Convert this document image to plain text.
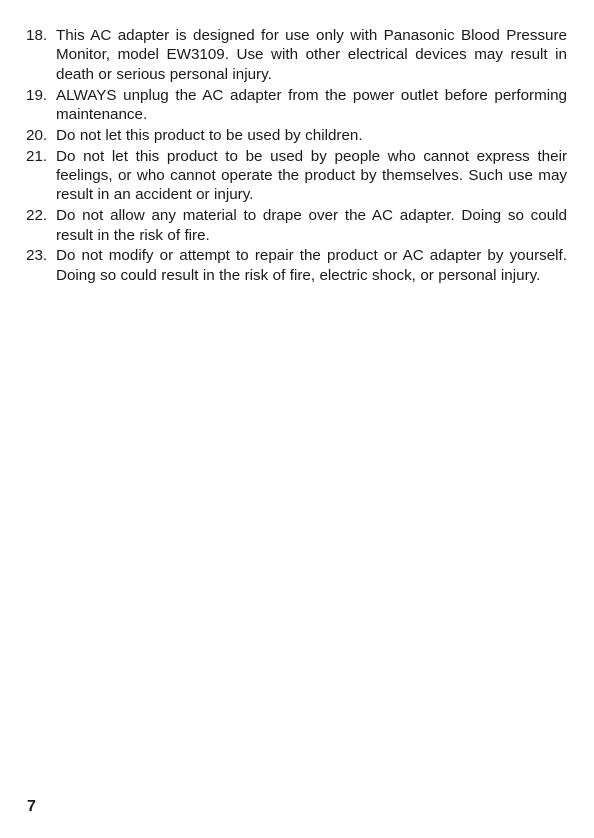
18. This AC adapter is designed for use only with Panasonic Blood Pressure Monitor, model EW3109. Use with other electrical devices may result in death or serious personal injury.
19. ALWAYS unplug the AC adapter from the power outlet before performing maintenance.
20. Do not let this product to be used by children.
21. Do not let this product to be used by people who cannot express their feelings, or who cannot operate the product by themselves. Such use may result in an accident or injury.
22. Do not allow any material to drape over the AC adapter. Doing so could result in the risk of fire.
23. Do not modify or attempt to repair the product or AC adapter by yourself. Doing so could result in the risk of fire, electric shock, or personal injury.
7
